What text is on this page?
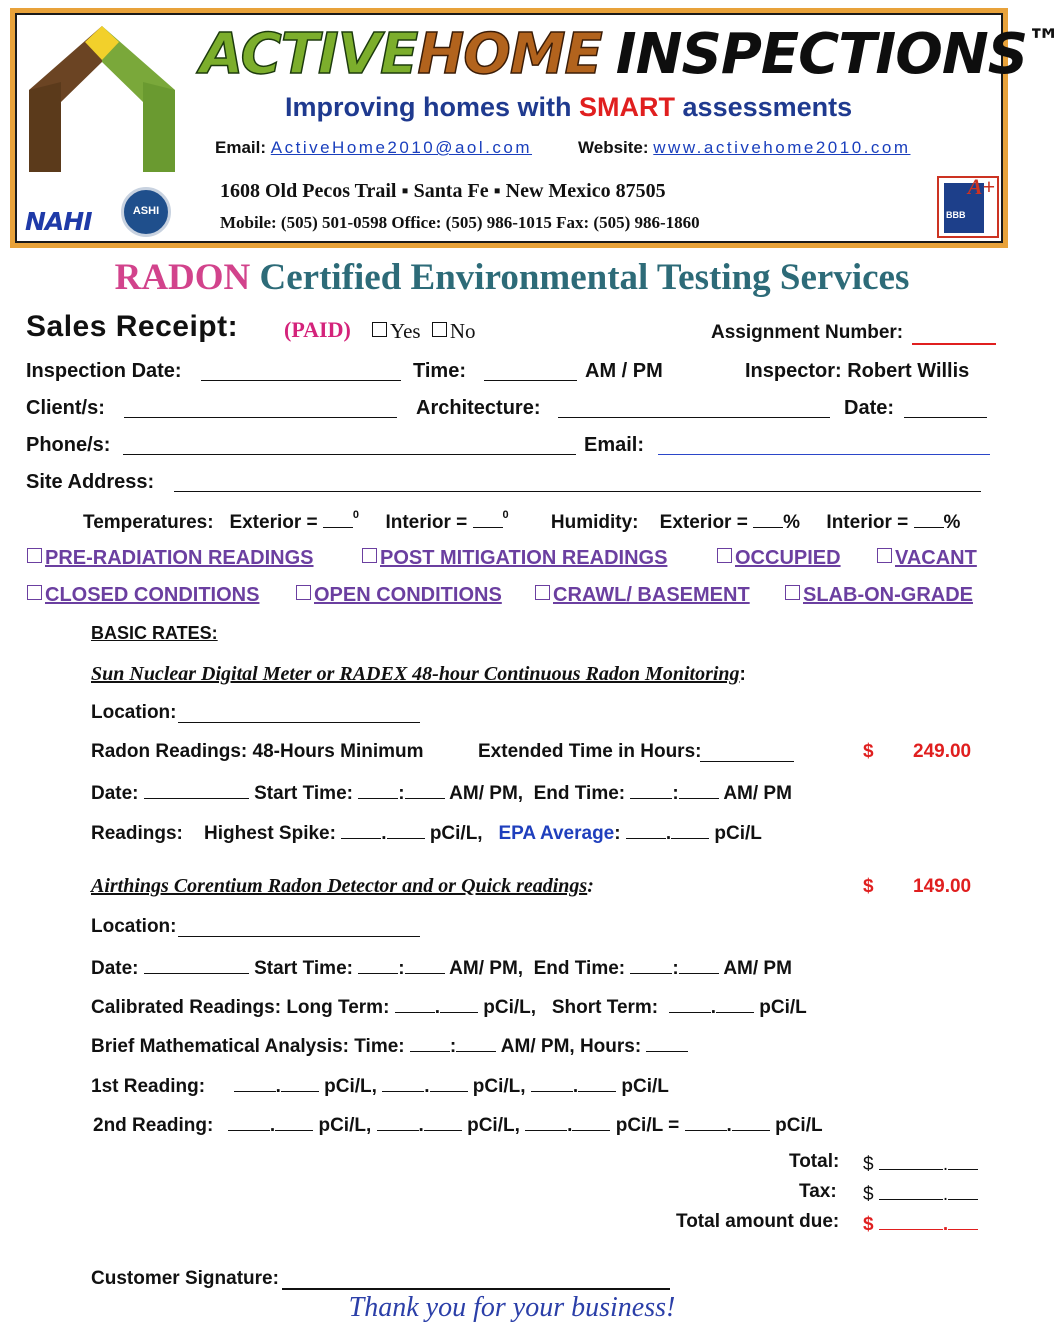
ACTIVEHOME INSPECTIONS™
Improving homes with SMART assessments
Email: ActiveHome2010@aol.com	Website: www.activehome2010.com
1608 Old Pecos Trail ▪ Santa Fe ▪ New Mexico 87505
Mobile: (505) 501-0598 Office: (505) 986-1015 Fax: (505) 986-1860
NAHI	ASHI	BBB
A+
RADON Certified Environmental Testing Services
Sales Receipt: (PAID)	Yes No	Assignment Number:
Inspection Date:	Time:	AM / PM	Inspector: Robert Willis
Client/s:	Architecture:	Date:
Phone/s:	Email:
Site Address:
Temperatures: Exterior =	$^0$ Interior =	$^0$ Humidity: Exterior = % Interior = %
PRE-RADIATION READINGS	POST MITIGATION READINGS	OCCUPIED	VACANT
CLOSED CONDITIONS	OPEN CONDITIONS	CRAWL/ BASEMENT	SLAB-ON-GRADE
BASIC RATES:
Sun Nuclear Digital Meter or RADEX 48-hour Continuous Radon Monitoring:
Location:
Radon Readings: 48-Hours Minimum	Extended Time in Hours:	$ 249.00
Date:	Start Time: : AM/ PM, End Time: : AM/ PM
Readings: Highest Spike: . pCi/L, EPA Average: . pCi/L
Airthings Corentium Radon Detector and or Quick readings:	$ 149.00
Location:
Date:	Start Time: : AM/ PM, End Time: : AM/ PM
Calibrated Readings: Long Term: . pCi/L, Short Term:	. pCi/L
Brief Mathematical Analysis: Time: : AM/ PM, Hours:
1st Reading:	. pCi/L, . pCi/L, . pCi/L
2nd Reading:	. pCi/L, . pCi/L, . pCi/L = . pCi/L
Total: $	.
Tax: $	.
Total amount due: $	.
Customer Signature:
Thank you for your business!
